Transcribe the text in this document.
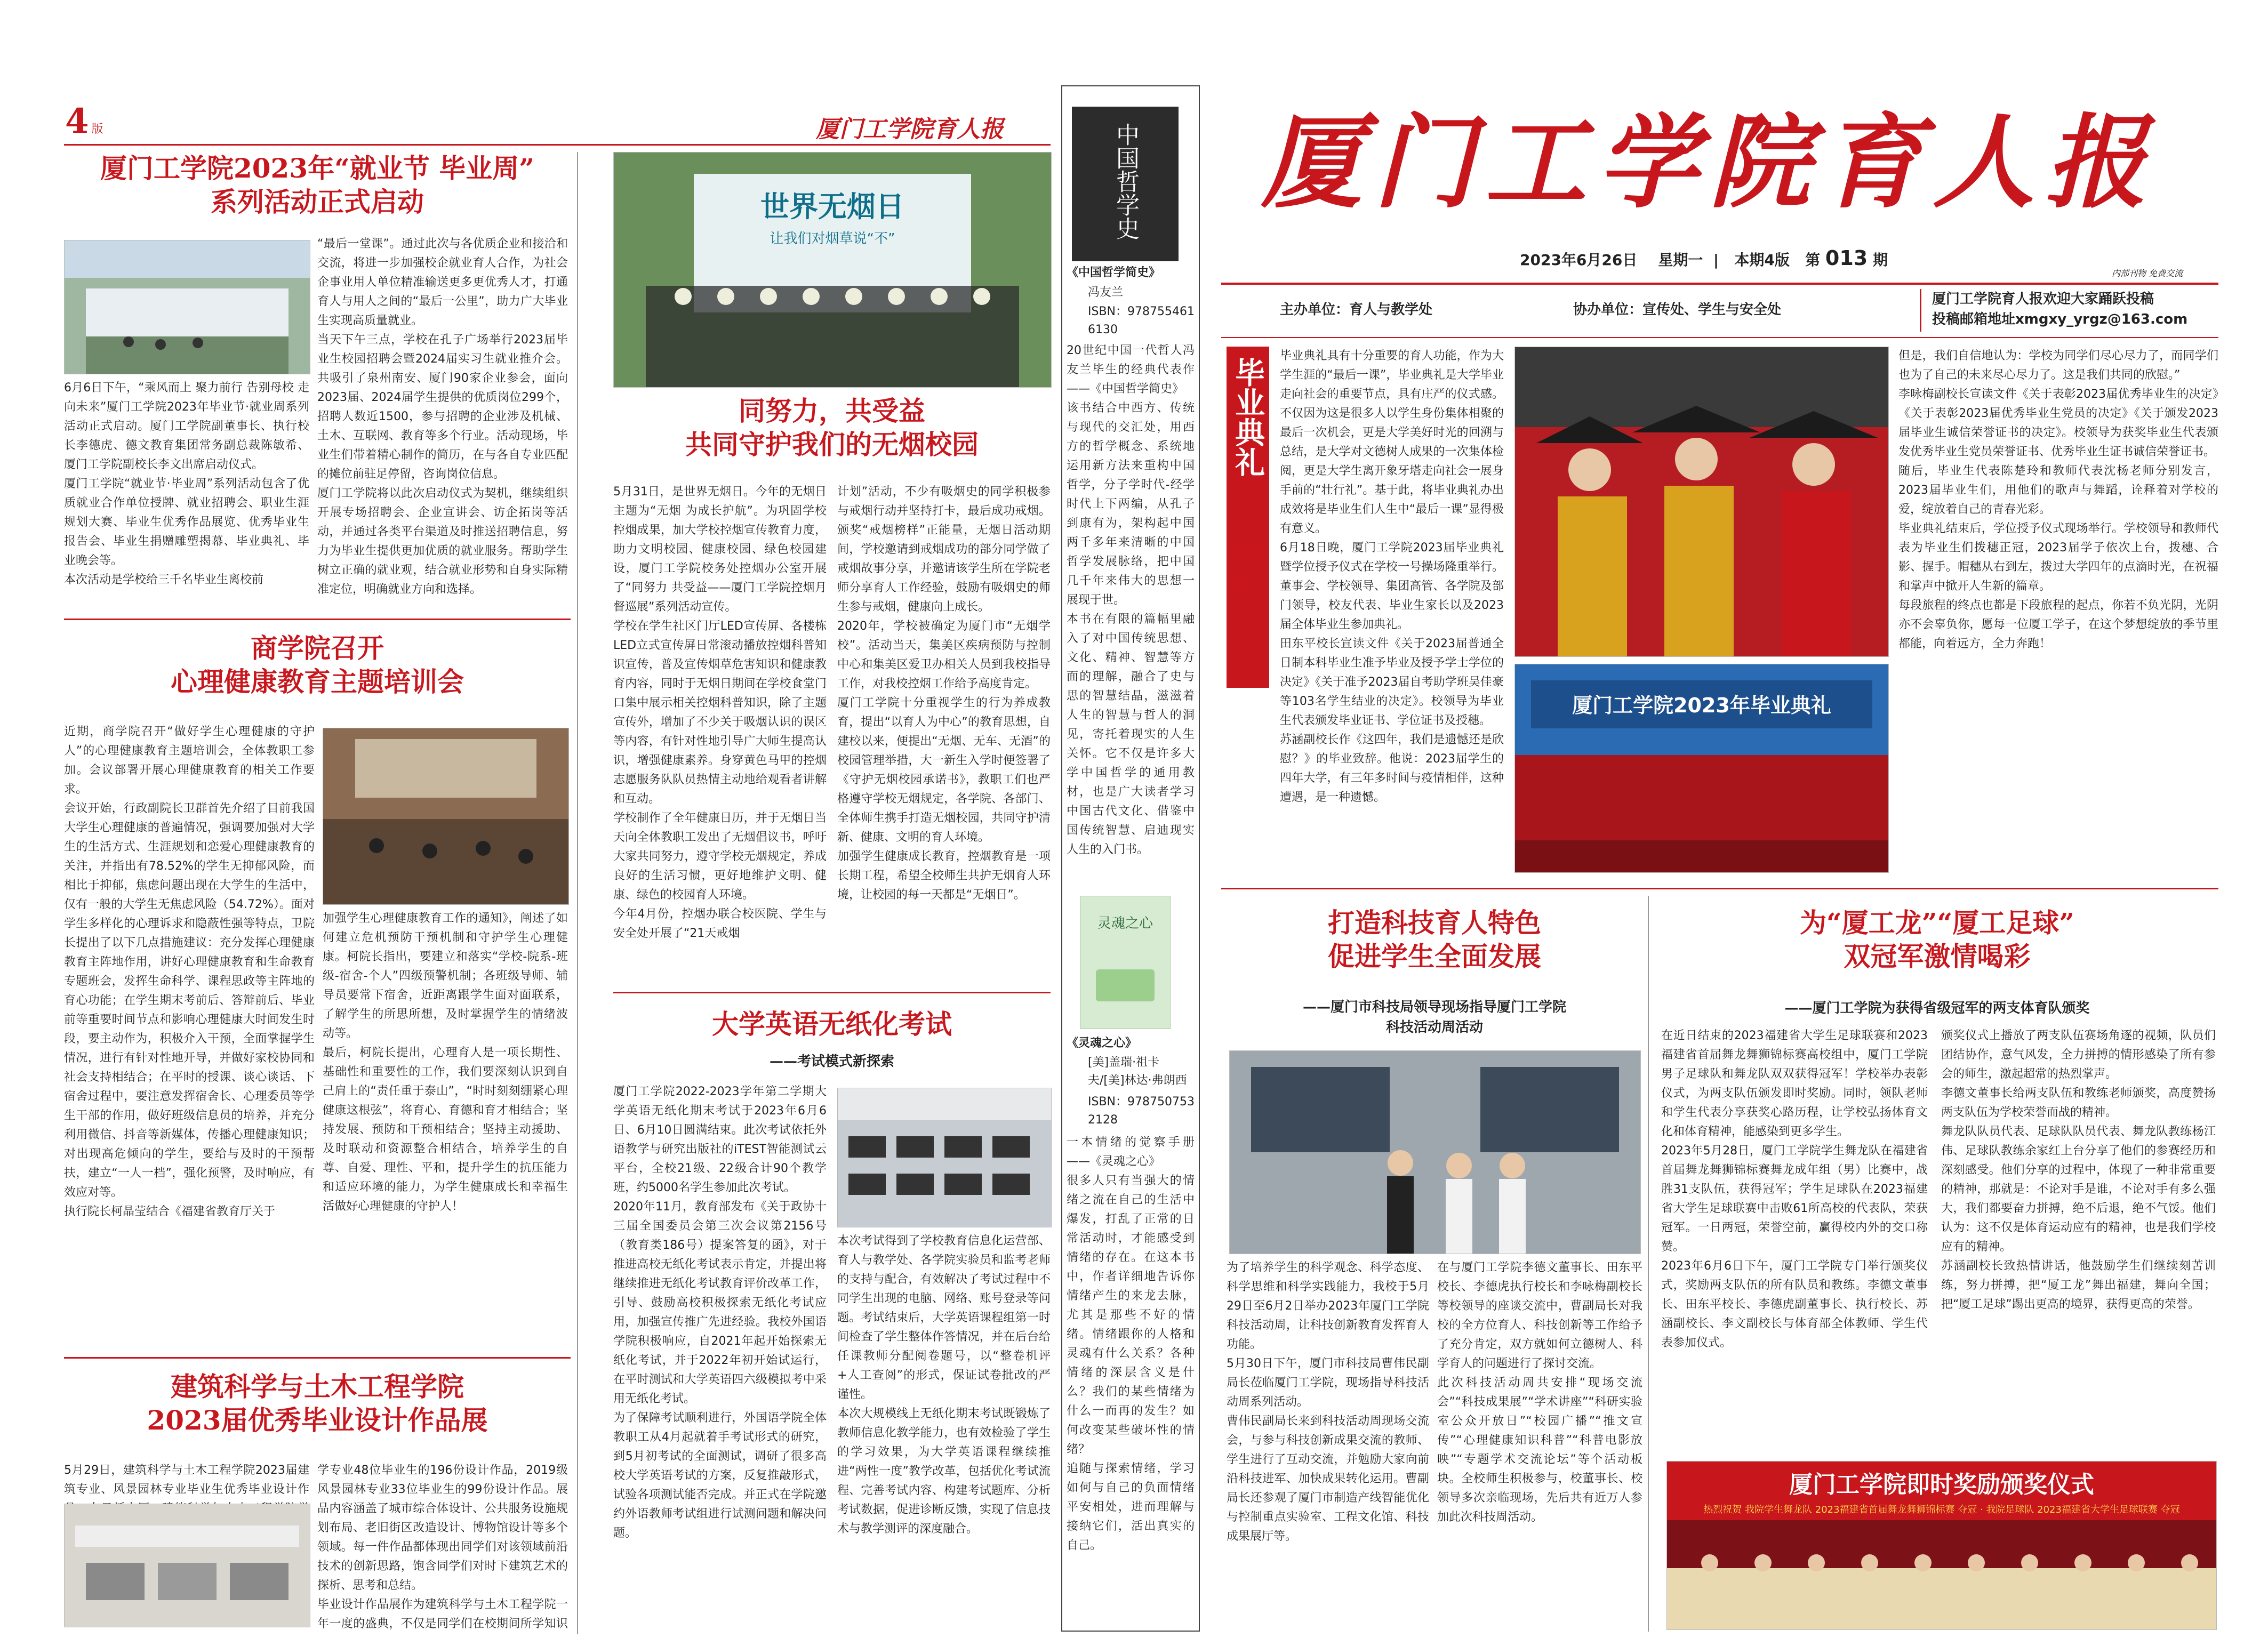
4 版	厦门工学院育人报
厦门工学院2023年“就业节 毕业周”
系列活动正式启动
6月6日下午，“乘风而上 聚力前行 告别母校 走向未来”厦门工学院2023年毕业节·就业周系列活动正式启动。厦门工学院副董事长、执行校长李德虎、德文教育集团常务副总裁陈敏希、厦门工学院副校长李文出席启动仪式。
厦门工学院“就业节·毕业周”系列活动包含了优质就业合作单位授牌、就业招聘会、职业生涯规划大赛、毕业生优秀作品展览、优秀毕业生报告会、毕业生捐赠雕塑揭幕、毕业典礼、毕业晚会等。
本次活动是学校给三千名毕业生离校前
“最后一堂课”。通过此次与各优质企业和接洽和交流，将进一步加强校企就业育人合作，为社会企事业用人单位精准输送更多更优秀人才，打通育人与用人之间的“最后一公里”，助力广大毕业生实现高质量就业。
当天下午三点，学校在孔子广场举行2023届毕业生校园招聘会暨2024届实习生就业推介会。共吸引了泉州南安、厦门90家企业参会，面向2023届、2024届学生提供的优质岗位299个，招聘人数近1500，参与招聘的企业涉及机械、土木、互联网、教育等多个行业。活动现场，毕业生们带着精心制作的简历，在与各自专业匹配的摊位前驻足停留，咨询岗位信息。
厦门工学院将以此次启动仪式为契机，继续组织开展专场招聘会、企业宣讲会、访企拓岗等活动，并通过各类平台渠道及时推送招聘信息，努力为毕业生提供更加优质的就业服务。帮助学生树立正确的就业观，结合就业形势和自身实际精准定位，明确就业方向和选择。
商学院召开
心理健康教育主题培训会
近期，商学院召开“做好学生心理健康的守护人”的心理健康教育主题培训会，全体教职工参加。会议部署开展心理健康教育的相关工作要求。
会议开始，行政副院长卫群首先介绍了目前我国大学生心理健康的普遍情况，强调要加强对大学生的生活方式、生涯规划和恋爱心理健康教育的关注，并指出有78.52%的学生无抑郁风险，而相比于抑郁，焦虑问题出现在大学生的生活中，仅有一般的大学生无焦虑风险（54.72%）。面对学生多样化的心理诉求和隐蔽性强等特点，卫院长提出了以下几点措施建议：充分发挥心理健康教育主阵地作用，讲好心理健康教育和生命教育专题班会，发挥生命科学、课程思政等主阵地的育心功能；在学生期末考前后、答辩前后、毕业前等重要时间节点和影响心理健康大时间发生时段，要主动作为，积极介入干预，全面掌握学生情况，进行有针对性地开导，并做好家校协同和社会支持相结合；在平时的授课、谈心谈话、下宿舍过程中，要注意发挥宿舍长、心理委员等学生干部的作用，做好班级信息员的培养，并充分利用微信、抖音等新媒体，传播心理健康知识；对出现高危倾向的学生，要给与及时的干预帮扶，建立“一人一档”，强化预警，及时响应，有效应对等。
执行院长柯晶莹结合《福建省教育厅关于
加强学生心理健康教育工作的通知》，阐述了如何建立危机预防干预机制和守护学生心理健康。柯院长指出，要建立和落实“学校-院系-班级-宿舍-个人”四级预警机制；各班级导师、辅导员要常下宿舍，近距离跟学生面对面联系，了解学生的所思所想，及时掌握学生的情绪波动等。
最后，柯院长提出，心理育人是一项长期性、基础性和重要性的工作，我们要深刻认识到自己肩上的“责任重于泰山”，“时时刻刻绷紧心理健康这根弦”，将育心、育德和育才相结合；坚持发展、预防和干预相结合；坚持主动援助、及时联动和资源整合相结合，培养学生的自尊、自爱、理性、平和，提升学生的抗压能力和适应环境的能力，为学生健康成长和幸福生活做好心理健康的守护人！
建筑科学与土木工程学院
2023届优秀毕业设计作品展
5月29日，建筑科学与土木工程学院2023届建筑专业、风景园林专业毕业生优秀毕业设计作

学专业48位毕业生的196份设计作品，2019级风景园林专业33位毕业生的99份设计作品。展品内容涵盖了城市综合体设计、公共服务设施规划布局、老旧街区改造设计、博物馆设计等多个领域。每一件作品都体现出同学们对该领域前沿技术的创新思路，饱含同学们对时下建筑艺术的探析、思考和总结。
毕业设计作品展作为建筑科学与土木工程学院一年一度的盛典，不仅是同学们在校期间所学知识
世界无烟日
让我们对烟草说“不”
同努力，共受益
共同守护我们的无烟校园
5月31日，是世界无烟日。今年的无烟日主题为“无烟 为成长护航”。为巩固学校控烟成果，加大学校控烟宣传教育力度，助力文明校园、健康校园、绿色校园建设，厦门工学院校务处控烟办公室开展了“同努力 共受益——厦门工学院控烟月督巡展”系列活动宣传。
学校在学生社区门厅LED宣传屏、各楼栋LED立式宣传屏日常滚动播放控烟科普知识宣传，普及宣传烟草危害知识和健康教育内容，同时于无烟日期间在学校食堂门口集中展示相关控烟科普知识，除了主题宣传外，增加了不少关于吸烟认识的误区等内容，有针对性地引导广大师生提高认识，增强健康素养。身穿黄色马甲的控烟志愿服务队队员热情主动地给观看者讲解和互动。
学校制作了全年健康日历，并于无烟日当天向全体教职工发出了无烟倡议书，呼吁大家共同努力，遵守学校无烟规定，养成良好的生活习惯，更好地维护文明、健康、绿色的校园育人环境。
今年4月份，控烟办联合校医院、学生与安全处开展了“21天戒烟
计划”活动，不少有吸烟史的同学积极参与戒烟行动并坚持打卡，最后成功戒烟。颁奖“戒烟榜样”正能量，无烟日活动期间，学校邀请到戒烟成功的部分同学做了戒烟故事分享，并邀请该学生所在学院老师分享育人工作经验，鼓励有吸烟史的师生参与戒烟，健康向上成长。
2020年，学校被确定为厦门市“无烟学校”。活动当天，集美区疾病预防与控制中心和集美区爱卫办相关人员到我校指导工作，对我校控烟工作给予高度肯定。
厦门工学院十分重视学生的行为养成教育，提出“以育人为中心”的教育思想，自建校以来，便提出“无烟、无车、无酒”的校园管理举措，大一新生入学时便签署了《守护无烟校园承诺书》，教职工们也严格遵守学校无烟规定，各学院、各部门、全体师生携手打造无烟校园，共同守护清新、健康、文明的育人环境。
加强学生健康成长教育，控烟教育是一项长期工程，希望全校师生共护无烟育人环境，让校园的每一天都是“无烟日”。
大学英语无纸化考试
——考试模式新探索
厦门工学院2022-2023学年第二学期大学英语无纸化期末考试于2023年6月6日、6月10日圆满结束。此次考试依托外语教学与研究出版社的iTEST智能测试云平台，全校21级、22级合计90个教学班，约5000名学生参加此次考试。
2020年11月，教育部发布《关于政协十三届全国委员会第三次会议第2156号（教育类186号）提案答复的函》，对于推进高校无纸化考试表示肯定，并提出将继续推进无纸化考试教育评价改革工作，引导、鼓励高校积极探索无纸化考试应用，加强宣传推广先进经验。我校外国语学院积极响应，自2021年起开始探索无纸化考试，并于2022年初开始试运行，在平时测试和大学英语四六级模拟考中采用无纸化考试。
为了保障考试顺利进行，外国语学院全体教职工从4月起就着手考试形式的研究，到5月初考试的全面测试，调研了很多高校大学英语考试的方案，反复推敲形式，试验各项测试能否完成。并正式在学院邀约外语教师考试组进行试测问题和解决问题。
本次考试得到了学校教育信息化运营部、育人与教学处、各学院实验员和监考老师的支持与配合，有效解决了考试过程中不同学生出现的电脑、网络、账号登录等问题。考试结束后，大学英语课程组第一时间检查了学生整体作答情况，并在后台给任课教师分配阅卷题号，以“整卷机评+人工查阅”的形式，保证试卷批改的严谨性。
本次大规模线上无纸化期末考试既锻炼了教师信息化教学能力，也有效检验了学生的学习效果，为大学英语课程继续推进“两性一度”教学改革，包括优化考试流程、完善考试内容、构建考试题库、分析考试数据，促进诊断反馈，实现了信息技术与教学测评的深度融合。
中国哲学史
《中国哲学简史》
冯友兰
ISBN：9787554616130
20世纪中国一代哲人冯友兰毕生的经典代表作——《中国哲学简史》
该书结合中西方、传统与现代的交汇处，用西方的哲学概念、系统地运用新方法来重构中国哲学，分子学时代-经学时代上下两编，从孔子到康有为，架构起中国两千多年来清晰的中国哲学发展脉络，把中国几千年来伟大的思想一展现于世。
本书在有限的篇幅里融入了对中国传统思想、文化、精神、智慧等方面的理解，融合了史与思的智慧结晶，滋滋着人生的智慧与哲人的洞见，寄托着现实的人生关怀。它不仅是许多大学中国哲学的通用教材，也是广大读者学习中国古代文化、借鉴中国传统智慧、启迪现实人生的入门书。
灵魂之心
《灵魂之心》
[美]盖瑞·祖卡夫/[美]林达·弗朗西
ISBN：9787507532128
一本情绪的觉察手册——《灵魂之心》
很多人只有当强大的情绪之流在自己的生活中爆发，打乱了正常的日常活动时，才能感受到情绪的存在。在这本书中，作者详细地告诉你情绪产生的来龙去脉，尤其是那些不好的情绪。情绪跟你的人格和灵魂有什么关系？各种情绪的深层含义是什么？我们的某些情绪为什么一而再的发生？如何改变某些破坏性的情绪？
追随与探索情绪，学习如何与自己的负面情绪平安相处，进而理解与接纳它们，活出真实的自己。
厦门工学院育人报
2023年6月26日 星期一  |   本期4版 第 013 期
内部刊物 免费交流
主办单位：育人与教学处	协办单位：宣传处、学生与安全处
厦门工学院育人报欢迎大家踊跃投稿
投稿邮箱地址xmgxy_yrgz@163.com
毕业典礼
大学最后一课
毕业典礼具有十分重要的育人功能，作为大学生涯的“最后一课”，毕业典礼是大学毕业走向社会的重要节点，具有庄严的仪式感。不仅因为这是很多人以学生身份集体相聚的最后一次机会，更是大学美好时光的回溯与总结，是大学对文德树人成果的一次集体检阅，更是大学生离开象牙塔走向社会一展身手前的“壮行礼”。基于此，将毕业典礼办出成效将是毕业生们人生中“最后一课”显得极有意义。
6月18日晚，厦门工学院2023届毕业典礼暨学位授予仪式在学校一号操场隆重举行。董事会、学校领导、集团高管、各学院及部门领导，校友代表、毕业生家长以及2023届全体毕业生参加典礼。
田东平校长宣读文件《关于2023届普通全日制本科毕业生准予毕业及授予学士学位的决定》《关于准予2023届自考助学班吴佳豪等103名学生结业的决定》。校领导为毕业生代表颁发毕业证书、学位证书及授穗。
苏涵副校长作《这四年，我们是遗憾还是欣慰？》的毕业致辞。他说：2023届学生的四年大学，有三年多时间与疫情相伴，这种遭遇，是一种遗憾。
厦门工学院2023年毕业典礼
但是，我们自信地认为：学校为同学们尽心尽力了，而同学们也为了自己的未来尽心尽力了。这是我们共同的欣慰。”
李咏梅副校长宣读文件《关于表彰2023届优秀毕业生的决定》《关于表彰2023届优秀毕业生党员的决定》《关于颁发2023届毕业生诚信荣誉证书的决定》。校领导为获奖毕业生代表颁发优秀毕业生党员荣誉证书、优秀毕业生证书诚信荣誉证书。
随后，毕业生代表陈楚玲和教师代表沈杨老师分别发言，2023届毕业生们，用他们的歌声与舞蹈，诠释着对学校的爱，绽放着自己的青春光彩。
毕业典礼结束后，学位授予仪式现场举行。学校领导和教师代表为毕业生们拨穗正冠，2023届学子依次上台，拨穗、合影、握手。帽穗从右到左，拨过大学四年的点滴时光，在祝福和掌声中掀开人生新的篇章。
每段旅程的终点也都是下段旅程的起点，你若不负光阴，光阴亦不会辜负你，愿每一位厦工学子，在这个梦想绽放的季节里都能，向着远方，全力奔跑！
打造科技育人特色
促进学生全面发展
——厦门市科技局领导现场指导厦门工学院
科技活动周活动
为了培养学生的科学观念、科学态度、科学思维和科学实践能力，我校于5月29日至6月2日举办2023年厦门工学院科技活动周，让科技创新教育发挥育人功能。
5月30日下午，厦门市科技局曹伟民副局长莅临厦门工学院，现场指导科技活动周系列活动。
曹伟民副局长来到科技活动周现场交流会，与参与科技创新成果交流的教师、学生进行了互动交流，并勉励大家向前沿科技进军、加快成果转化运用。曹副局长还参观了厦门市制造产线智能优化与控制重点实验室、工程文化馆、科技成果展厅等。
在与厦门工学院李德文董事长、田东平校长、李德虎执行校长和李咏梅副校长等校领导的座谈交流中，曹副局长对我校的全方位育人、科技创新等工作给予了充分肯定，双方就如何立德树人、科学育人的问题进行了探讨交流。
此次科技活动周共安排“现场交流会”“科技成果展”“学术讲座”“科研实验室公众开放日”“校园广播”“推文宣传”“心理健康知识科普”“科普电影放映”“专题学术交流论坛”等个活动板块。全校师生积极参与，校董事长、校领导多次亲临现场，先后共有近万人参加此次科技周活动。
为“厦工龙”“厦工足球”
双冠军激情喝彩
——厦门工学院为获得省级冠军的两支体育队颁奖
在近日结束的2023福建省大学生足球联赛和2023福建省首届舞龙舞狮锦标赛高校组中，厦门工学院男子足球队和舞龙队双双获得冠军！学校举办表彰仪式，为两支队伍颁发即时奖励。同时，领队老师和学生代表分享获奖心路历程，让学校弘扬体育文化和体育精神，能感染到更多学生。
2023年5月28日，厦门工学院学生舞龙队在福建省首届舞龙舞狮锦标赛舞龙成年组（男）比赛中，战胜31支队伍，获得冠军；学生足球队在2023福建省大学生足球联赛中击败61所高校的代表队，荣获冠军。一日两冠，荣誉空前，赢得校内外的交口称赞。
2023年6月6日下午，厦门工学院专门举行颁奖仪式，奖励两支队伍的所有队员和教练。李德文董事长、田东平校长、李德虎副董事长、执行校长、苏涵副校长、李文副校长与体育部全体教师、学生代表参加仪式。
颁奖仪式上播放了两支队伍赛场角逐的视频，队员们团结协作，意气风发，全力拼搏的情形感染了所有参会的师生，激起超常的热烈掌声。
李德文董事长给两支队伍和教练老师颁奖，高度赞扬两支队伍为学校荣誉而战的精神。
舞龙队队员代表、足球队队员代表、舞龙队教练杨江伟、足球队教练余家红上台分享了他们的参赛经历和深刻感受。他们分享的过程中，体现了一种非常重要的精神，那就是：不论对手是谁，不论对手有多么强大，我们都要奋力拼搏，绝不后退，绝不气馁。他们认为：这不仅是体育运动应有的精神，也是我们学校应有的精神。
苏涵副校长致热情讲话，他鼓励学生们继续刻苦训练，努力拼搏，把“厦工龙”舞出福建，舞向全国；把“厦工足球”踢出更高的境界，获得更高的荣誉。
厦门工学院即时奖励颁奖仪式
热烈祝贺 我院学生舞龙队 2023福建省首届舞龙舞狮锦标赛 夺冠 · 我院足球队 2023福建省大学生足球联赛 夺冠
